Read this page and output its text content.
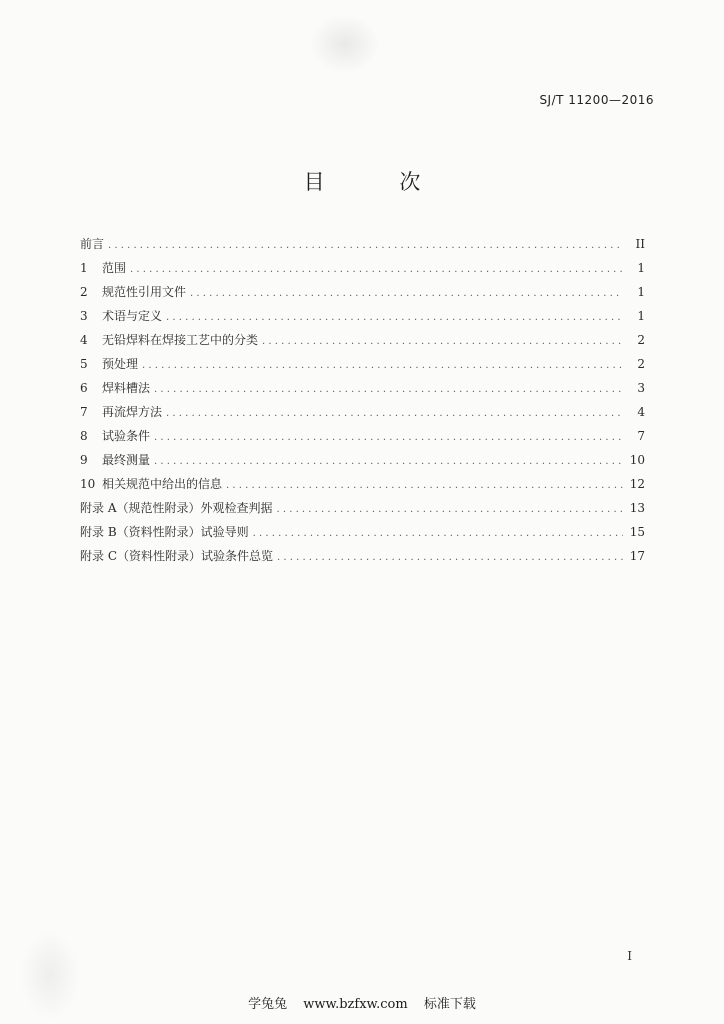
SJ/T 11200—2016
目 次
前言 . . .	II
1	范围 . . .	1
2	规范性引用文件 . . .	1
3	术语与定义 . . .	1
4	无铅焊料在焊接工艺中的分类 . . .	2
5	预处理 . . .	2
6	焊料槽法 . . .	3
7	再流焊方法 . . .	4
8	试验条件 . . .	7
9	最终测量 . . .	10
10 相关规范中给出的信息 . . .	12
附录 A（规范性附录） 外观检查判据 . . .	13
附录 B（资料性附录） 试验导则 . . .	15
附录 C（资料性附录） 试验条件总览 . . .	17
I
学兔兔 www.bzfxw.com 标准下载
